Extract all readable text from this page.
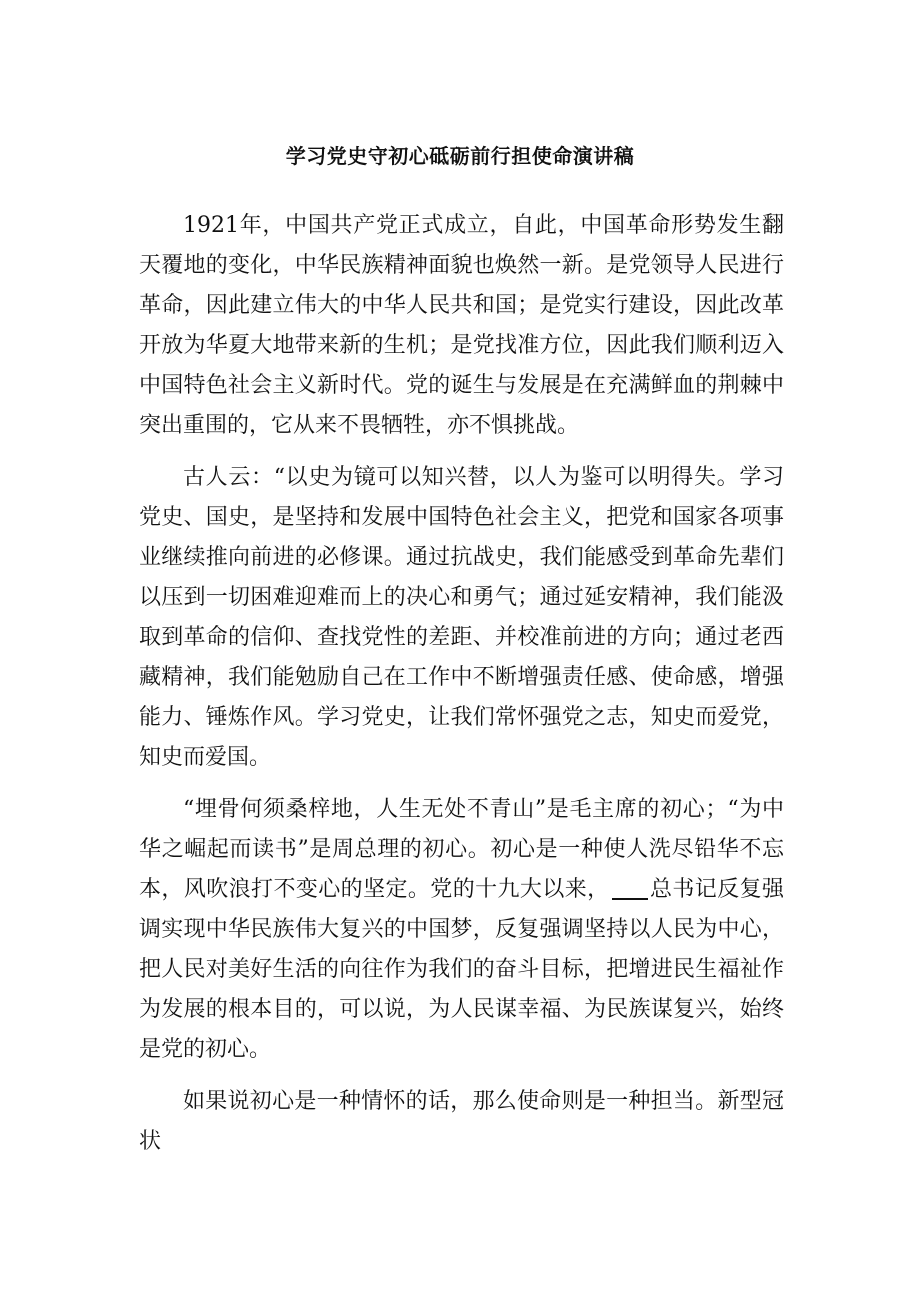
学习党史守初心砥砺前行担使命演讲稿

1921年，中国共产党正式成立，自此，中国革命形势发生翻天覆地的变化，中华民族精神面貌也焕然一新。是党领导人民进行革命，因此建立伟大的中华人民共和国；是党实行建设，因此改革开放为华夏大地带来新的生机；是党找准方位，因此我们顺利迈入中国特色社会主义新时代。党的诞生与发展是在充满鲜血的荆棘中突出重围的，它从来不畏牺牲，亦不惧挑战。

古人云：“以史为镜可以知兴替，以人为鉴可以明得失。学习党史、国史，是坚持和发展中国特色社会主义，把党和国家各项事业继续推向前进的必修课。通过抗战史，我们能感受到革命先辈们以压到一切困难迎难而上的决心和勇气；通过延安精神，我们能汲取到革命的信仰、查找党性的差距、并校准前进的方向；通过老西藏精神，我们能勉励自己在工作中不断增强责任感、使命感，增强能力、锤炼作风。学习党史，让我们常怀强党之志，知史而爱党，知史而爱国。

“埋骨何须桑梓地，人生无处不青山”是毛主席的初心；“为中华之崛起而读书”是周总理的初心。初心是一种使人洗尽铅华不忘本，风吹浪打不变心的坚定。党的十九大以来， 总书记反复强调实现中华民族伟大复兴的中国梦，反复强调坚持以人民为中心，把人民对美好生活的向往作为我们的奋斗目标，把增进民生福祉作为发展的根本目的，可以说，为人民谋幸福、为民族谋复兴，始终是党的初心。

如果说初心是一种情怀的话，那么使命则是一种担当。新型冠状
